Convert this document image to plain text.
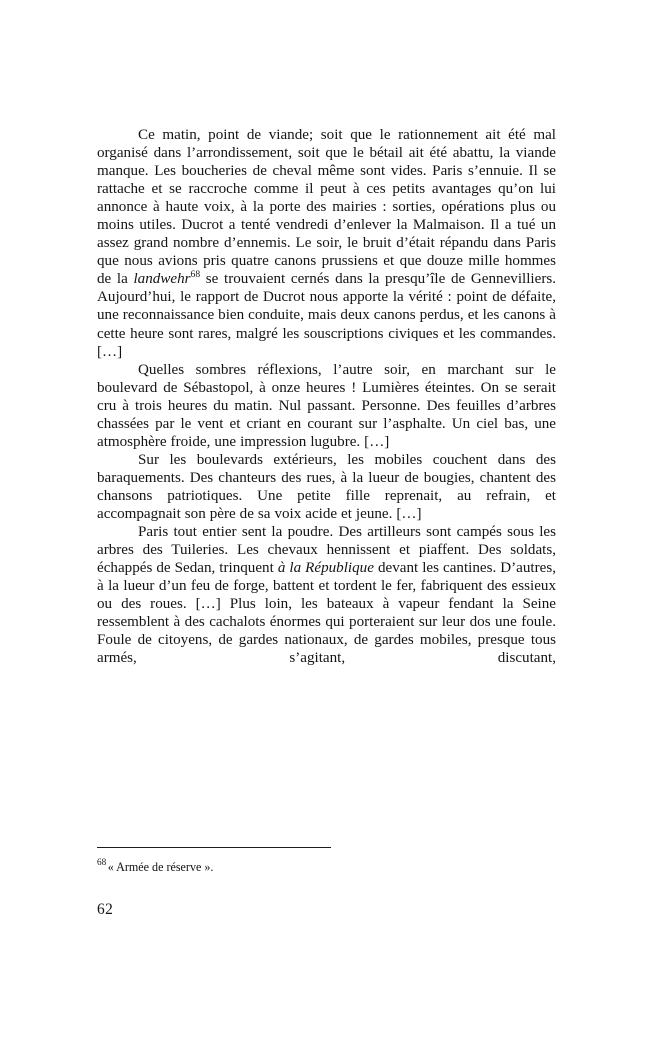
Ce matin, point de viande; soit que le rationnement ait été mal organisé dans l’arrondissement, soit que le bétail ait été abattu, la viande manque. Les boucheries de cheval même sont vides. Paris s’ennuie. Il se rattache et se raccroche comme il peut à ces petits avantages qu’on lui annonce à haute voix, à la porte des mairies : sorties, opérations plus ou moins utiles. Ducrot a tenté vendredi d’enlever la Malmaison. Il a tué un assez grand nombre d’ennemis. Le soir, le bruit d’était répandu dans Paris que nous avions pris quatre canons prussiens et que douze mille hommes de la landwehr$^{68}$ se trouvaient cernés dans la presqu’île de Gennevilliers. Aujourd’hui, le rapport de Ducrot nous apporte la vérité : point de défaite, une reconnaissance bien conduite, mais deux canons perdus, et les canons à cette heure sont rares, malgré les souscriptions civiques et les commandes. […]

Quelles sombres réflexions, l’autre soir, en marchant sur le boulevard de Sébastopol, à onze heures ! Lumières éteintes. On se serait cru à trois heures du matin. Nul passant. Personne. Des feuilles d’arbres chassées par le vent et criant en courant sur l’asphalte. Un ciel bas, une atmosphère froide, une impression lugubre. […]

Sur les boulevards extérieurs, les mobiles couchent dans des baraquements. Des chanteurs des rues, à la lueur de bougies, chantent des chansons patriotiques. Une petite fille reprenait, au refrain, et accompagnait son père de sa voix acide et jeune. […]

Paris tout entier sent la poudre. Des artilleurs sont campés sous les arbres des Tuileries. Les chevaux hennissent et piaffent. Des soldats, échappés de Sedan, trinquent à la République devant les cantines. D’autres, à la lueur d’un feu de forge, battent et tordent le fer, fabriquent des essieux ou des roues. […] Plus loin, les bateaux à vapeur fendant la Seine ressemblent à des cachalots énormes qui porteraient sur leur dos une foule. Foule de citoyens, de gardes nationaux, de gardes mobiles, presque tous armés, s’agitant, discutant,

$^{68}$ « Armée de réserve ».

62
